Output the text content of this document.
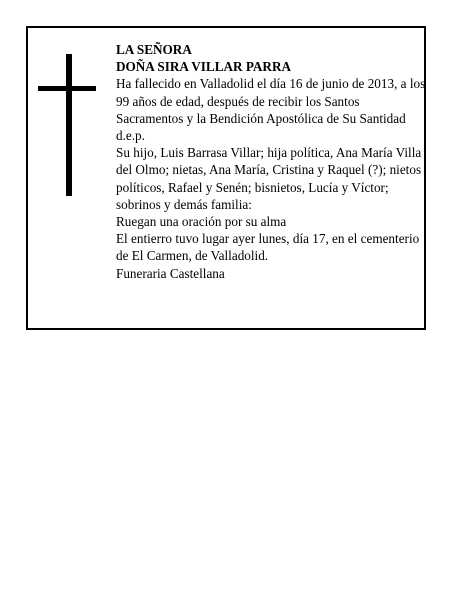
LA SEÑORA

DOÑA SIRA VILLAR PARRA

Ha fallecido en Valladolid el día 16 de junio de 2013, a los 99 años de edad, después de recibir los Santos Sacramentos y la Bendición Apostólica de Su Santidad d.e.p.

Su hijo, Luis Barrasa Villar; hija política, Ana María Villa del Olmo; nietas, Ana María, Cristina y Raquel (?); nietos políticos, Rafael y Senén; bisnietos, Lucía y Víctor; sobrinos y demás familia:

Ruegan una oración por su alma

El entierro tuvo lugar ayer lunes, día 17, en el cementerio de El Carmen, de Valladolid.

Funeraria Castellana
